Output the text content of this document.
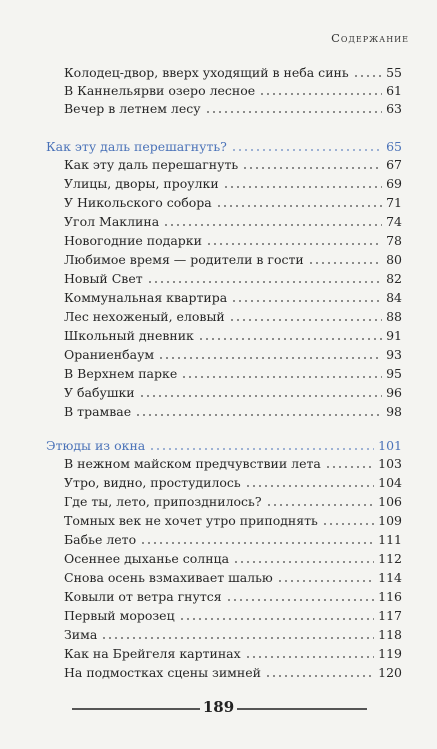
Содержание
Колодец-двор, вверх уходящий в неба синь	55
В Каннельярви озеро лесное	61
Вечер в летнем лесу	63
Как эту даль перешагнуть?	65
Как эту даль перешагнуть	67
Улицы, дворы, проулки	69
У Никольского собора	71
Угол Маклина	74
Новогодние подарки	78
Любимое время — родители в гости	80
Новый Свет	82
Коммунальная квартира	84
Лес нехоженый, еловый	88
Школьный дневник	91
Ораниенбаум	93
В Верхнем парке	95
У бабушки	96
В трамвае	98
Этюды из окна	101
В нежном майском предчувствии лета	103
Утро, видно, простудилось	104
Где ты, лето, припозднилось?	106
Томных век не хочет утро приподнять	109
Бабье лето	111
Осеннее дыханье солнца	112
Снова осень взмахивает шалью	114
Ковыли от ветра гнутся	116
Первый морозец	117
Зима	118
Как на Брейгеля картинах	119
На подмостках сцены зимней	120
189
